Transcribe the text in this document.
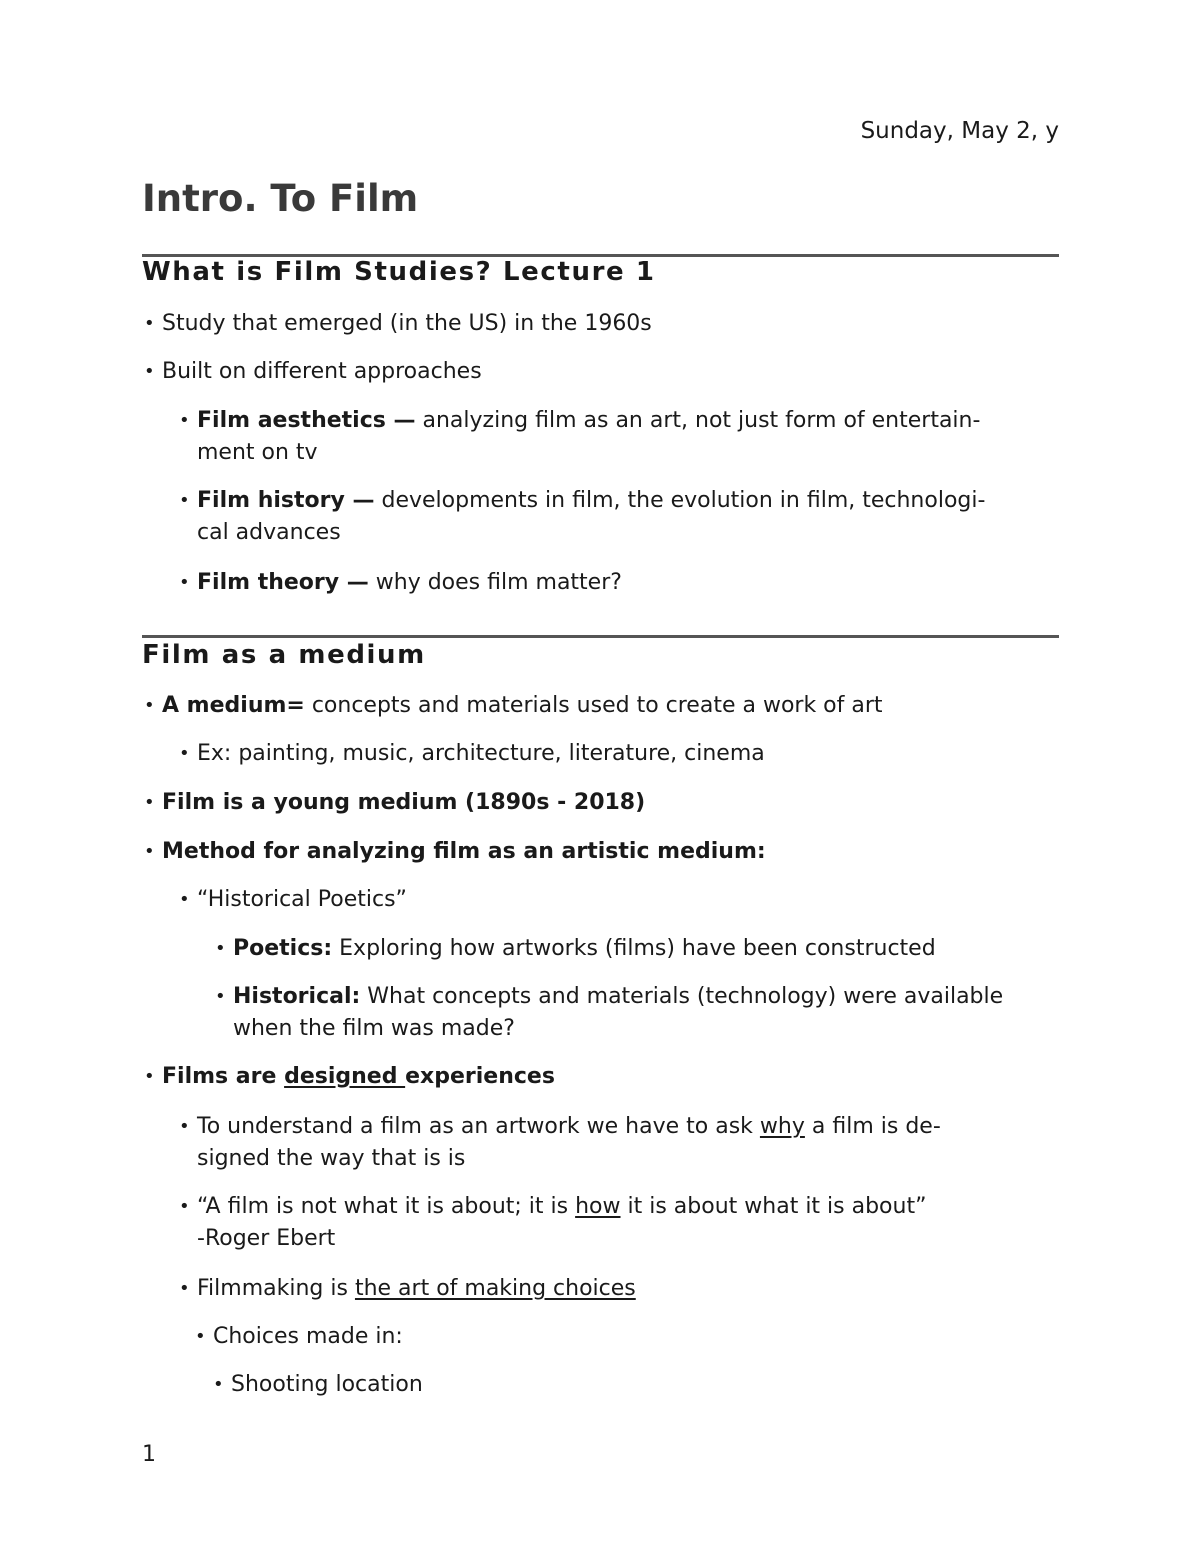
Sunday, May 2, y
Intro. To Film
What is Film Studies? Lecture 1
• Study that emerged (in the US) in the 1960s
• Built on different approaches
• Film aesthetics — analyzing film as an art, not just form of entertain-
ment on tv
• Film history — developments in film, the evolution in film, technologi-
cal advances
• Film theory — why does film matter?
Film as a medium
• A medium= concepts and materials used to create a work of art
• Ex: painting, music, architecture, literature, cinema
• Film is a young medium (1890s - 2018)
• Method for analyzing film as an artistic medium:
• “Historical Poetics”
• Poetics: Exploring how artworks (films) have been constructed
• Historical: What concepts and materials (technology) were available
when the film was made?
• Films are designed experiences
• To understand a film as an artwork we have to ask why a film is de-
signed the way that is is
• “A film is not what it is about; it is how it is about what it is about”
-Roger Ebert
• Filmmaking is the art of making choices
• Choices made in:
• Shooting location
1
